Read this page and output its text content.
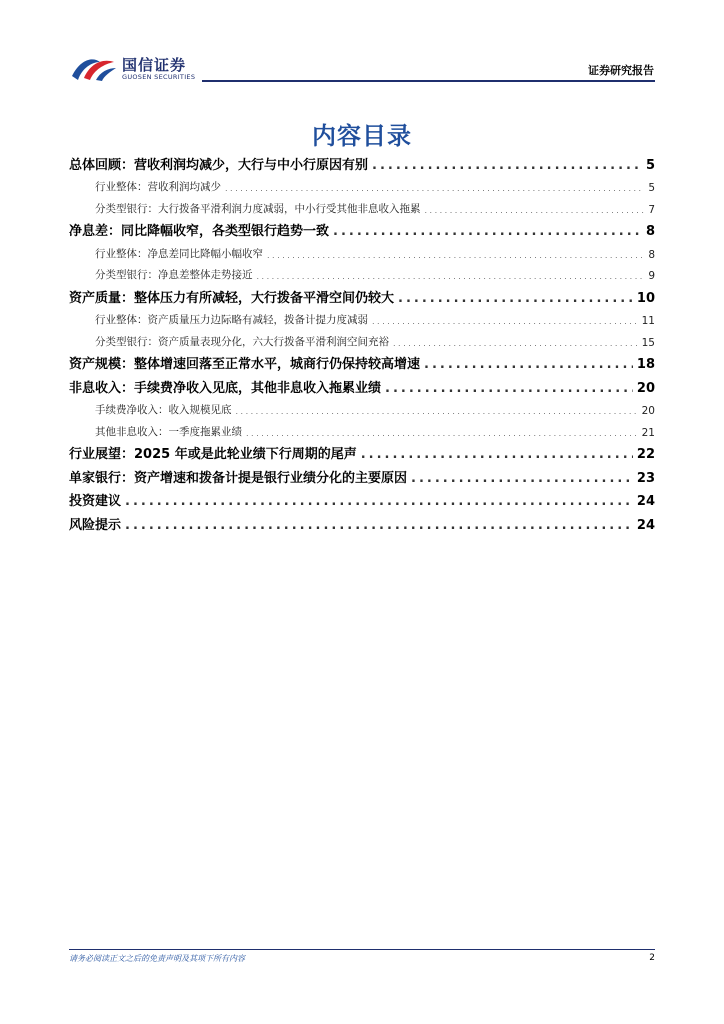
国信证券
GUOSEN SECURITIES	证券研究报告
内容目录
总体回顾：营收利润均减少，大行与中小行原因有别 .....	5
行业整体：营收利润均减少 .....	5
分类型银行：大行拨备平滑利润力度减弱，中小行受其他非息收入拖累 .....	7
净息差：同比降幅收窄，各类型银行趋势一致 .....	8
行业整体：净息差同比降幅小幅收窄 .....	8
分类型银行：净息差整体走势接近 .....	9
资产质量：整体压力有所减轻，大行拨备平滑空间仍较大 .....	10
行业整体：资产质量压力边际略有减轻，拨备计提力度减弱 .....	11
分类型银行：资产质量表现分化，六大行拨备平滑利润空间充裕 .....	15
资产规模：整体增速回落至正常水平，城商行仍保持较高增速 .....	18
非息收入：手续费净收入见底，其他非息收入拖累业绩 .....	20
手续费净收入：收入规模见底 .....	20
其他非息收入：一季度拖累业绩 .....	21
行业展望：2025 年或是此轮业绩下行周期的尾声 .....	22
单家银行：资产增速和拨备计提是银行业绩分化的主要原因 .....	23
投资建议 .....	24
风险提示 .....	24
请务必阅读正文之后的免责声明及其项下所有内容	2
